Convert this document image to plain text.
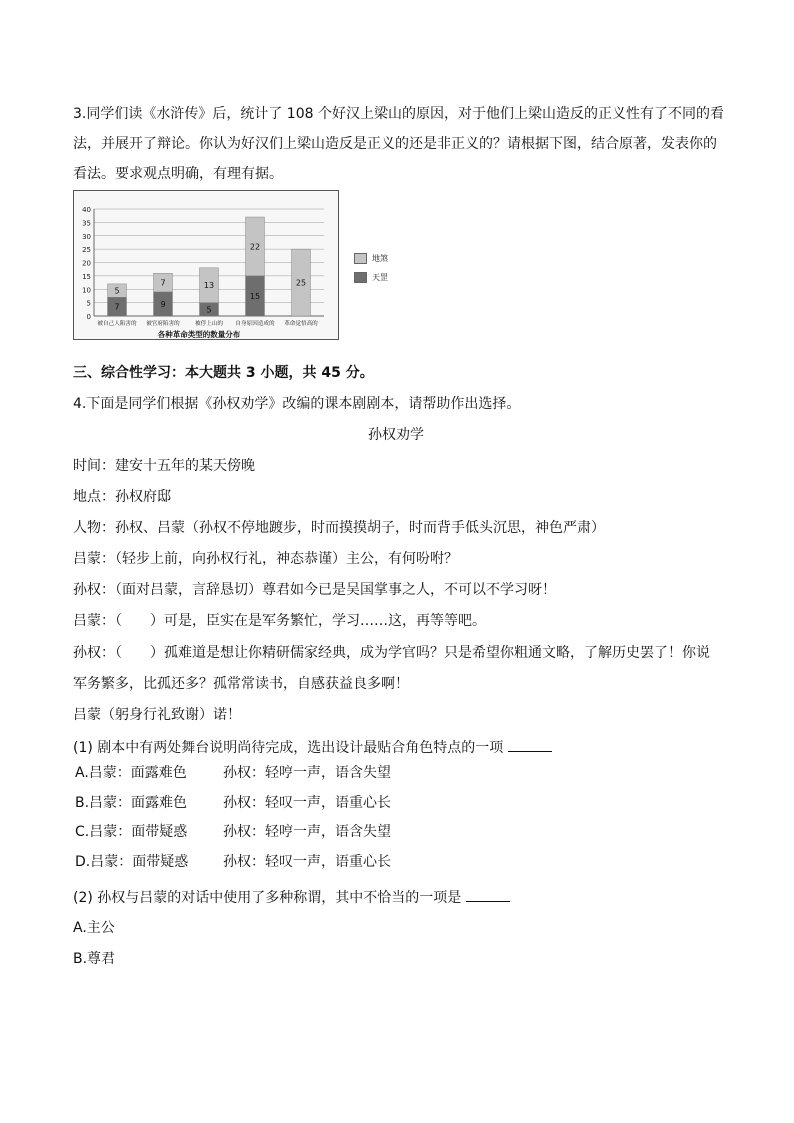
3.同学们读《水浒传》后，统计了 108 个好汉上梁山的原因，对于他们上梁山造反的正义性有了不同的看
法，并展开了辩论。你认为好汉们上梁山造反是正义的还是非正义的？请根据下图，结合原著，发表你的
看法。要求观点明确，有理有据。
0
5
10
15
20
25
30
35
40
7
5
被自己人陷害的
9
7
被官府陷害的
5
13
被俘上山的
15
22
自身原因造成的
25
革命觉悟高的
各种革命类型的数量分布
三、综合性学习：本大题共 3 小题，共 45 分。
4.下面是同学们根据《孙权劝学》改编的课本剧剧本，请帮助作出选择。
孙权劝学
时间：建安十五年的某天傍晚
地点：孙权府邸
人物：孙权、吕蒙（孙权不停地踱步，时而摸摸胡子，时而背手低头沉思，神色严肃）
吕蒙：（轻步上前，向孙权行礼，神态恭谨）主公，有何吩咐？
孙权：（面对吕蒙，言辞恳切）尊君如今已是吴国掌事之人，不可以不学习呀！
吕蒙：（　　）可是，臣实在是军务繁忙，学习……这，再等等吧。
孙权：（　　）孤难道是想让你精研儒家经典，成为学官吗？只是希望你粗通文略，了解历史罢了！你说
军务繁多，比孤还多？孤常常读书，自感获益良多啊！
吕蒙（躬身行礼致谢）诺！
(1) 剧本中有两处舞台说明尚待完成，选出设计最贴合角色特点的一项
A.吕蒙：面露难色	孙权：轻哼一声，语含失望
B.吕蒙：面露难色	孙权：轻叹一声，语重心长
C.吕蒙：面带疑惑	孙权：轻哼一声，语含失望
D.吕蒙：面带疑惑 孙权：轻叹一声，语重心长
(2) 孙权与吕蒙的对话中使用了多种称谓，其中不恰当的一项是
A.主公
B.尊君
地煞
天罡
